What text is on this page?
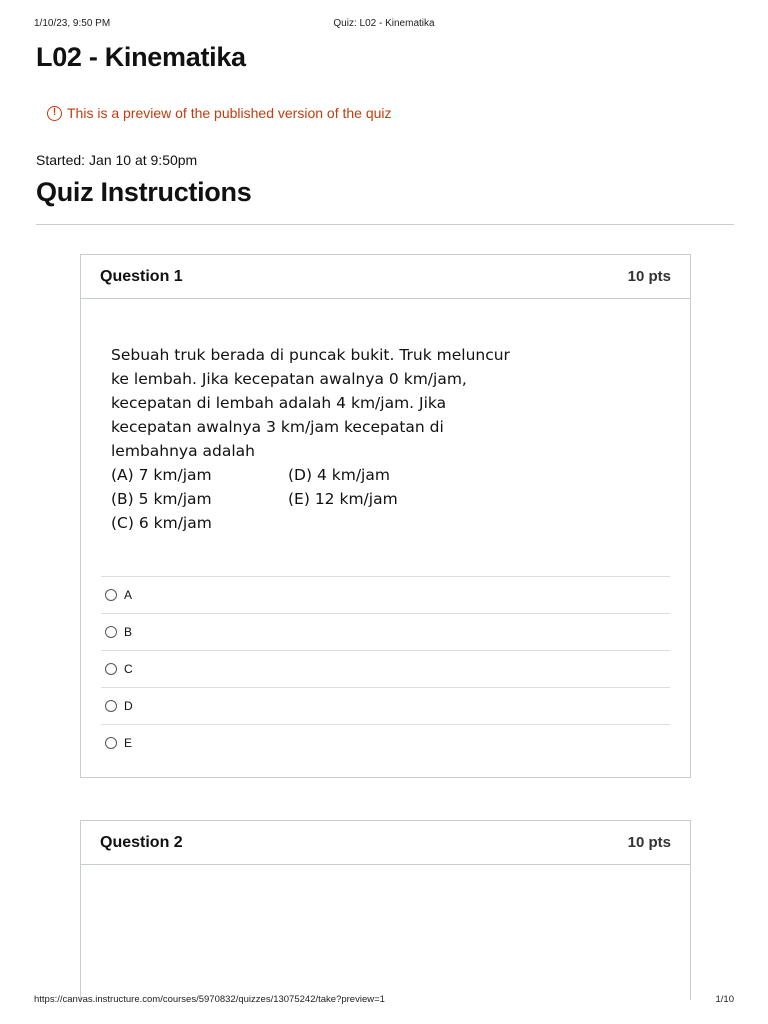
1/10/23, 9:50 PM	Quiz: L02 - Kinematika
L02 - Kinematika
! This is a preview of the published version of the quiz
Started: Jan 10 at 9:50pm
Quiz Instructions
Question 1	10 pts
Sebuah truk berada di puncak bukit. Truk meluncur
ke lembah. Jika kecepatan awalnya 0 km/jam,
kecepatan di lembah adalah 4 km/jam. Jika
kecepatan awalnya 3 km/jam kecepatan di
lembahnya adalah
(A) 7 km/jam	(D) 4 km/jam
(B) 5 km/jam	(E) 12 km/jam
(C) 6 km/jam
A
B
C
D
E
Question 2	10 pts
https://canvas.instructure.com/courses/5970832/quizzes/13075242/take?preview=1	1/10
